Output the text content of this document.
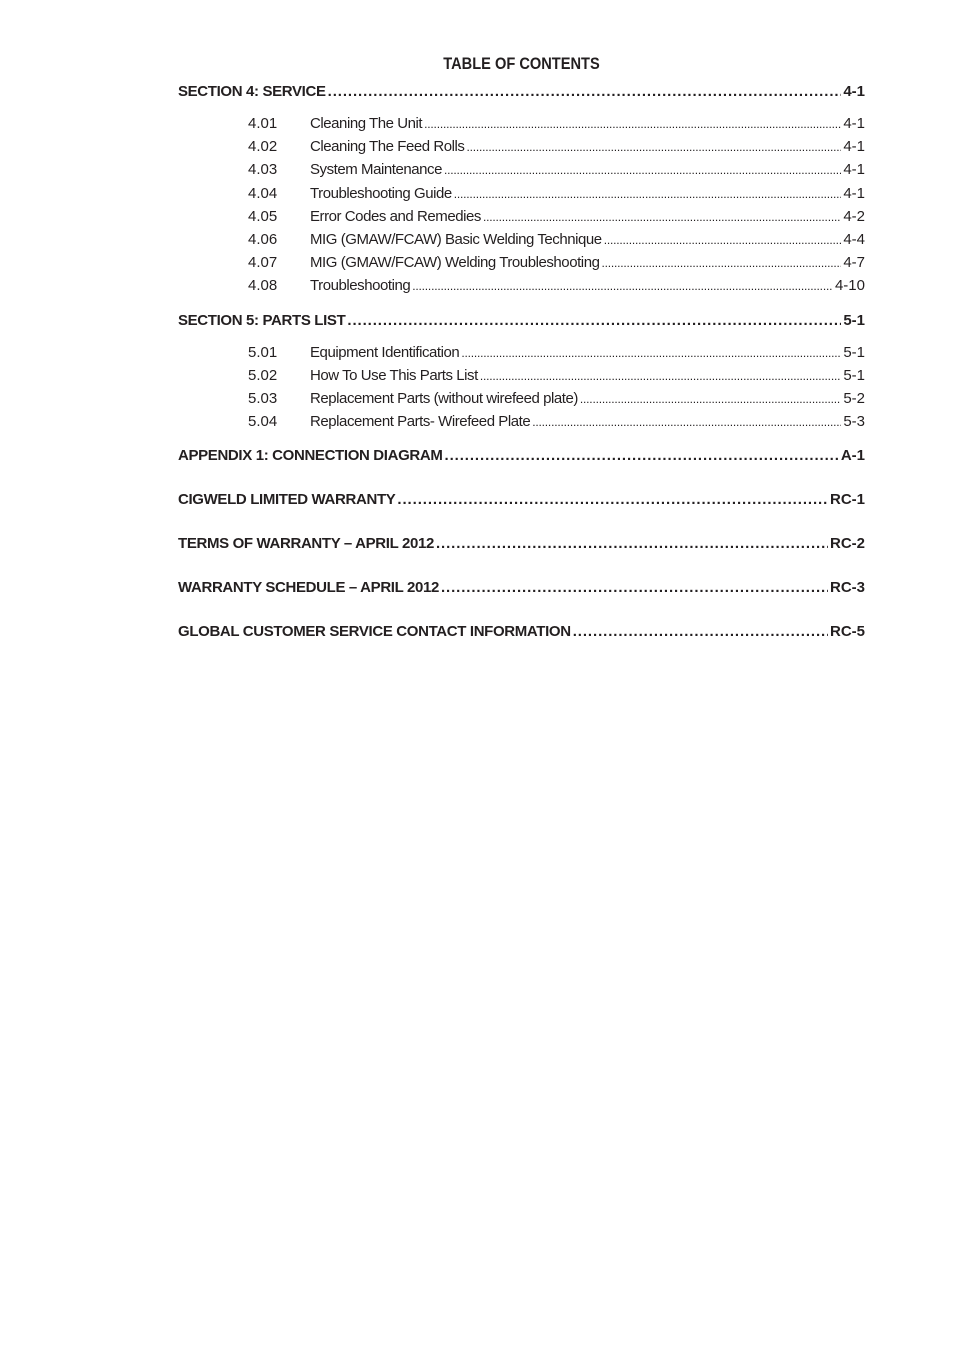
TABLE OF CONTENTS
SECTION 4: SERVICE .....	4-1
4.01	Cleaning The Unit .....	4-1
4.02	Cleaning The Feed Rolls .....	4-1
4.03	System Maintenance .....	4-1
4.04	Troubleshooting Guide .....	4-1
4.05	Error Codes and Remedies .....	4-2
4.06	MIG (GMAW/FCAW) Basic Welding Technique .....	4-4
4.07	MIG (GMAW/FCAW) Welding Troubleshooting .....	4-7
4.08	Troubleshooting .....	4-10
SECTION 5: PARTS LIST .....	5-1
5.01	Equipment Identification .....	5-1
5.02	How To Use This Parts List .....	5-1
5.03	Replacement Parts (without wirefeed plate) .....	5-2
5.04	Replacement Parts- Wirefeed Plate .....	5-3
APPENDIX 1: CONNECTION DIAGRAM .....	A-1
CIGWELD LIMITED WARRANTY .....	RC-1
TERMS OF WARRANTY – APRIL 2012 .....	RC-2
WARRANTY SCHEDULE – APRIL 2012 .....	RC-3
GLOBAL CUSTOMER SERVICE CONTACT INFORMATION .....	RC-5
